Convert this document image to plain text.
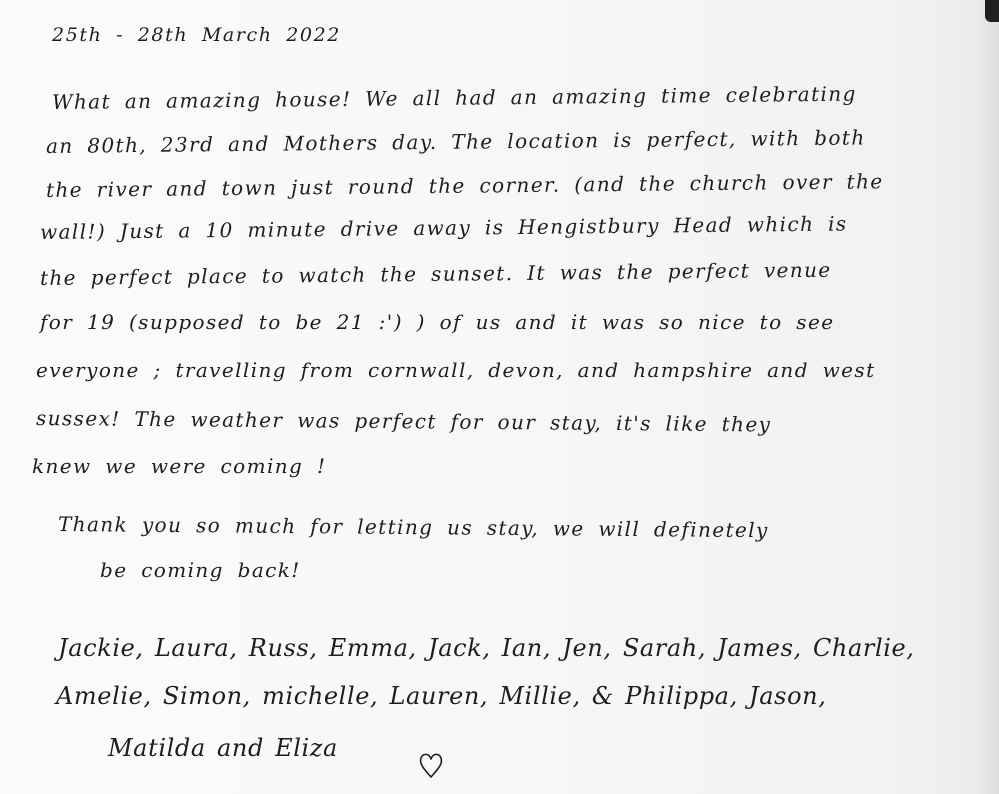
25th - 28th March 2022
What an amazing house! We all had an amazing time celebrating
an 80th, 23rd and Mothers day. The location is perfect, with both
the river and town just round the corner. (and the church over the
wall!) Just a 10 minute drive away is Hengistbury Head which is
the perfect place to watch the sunset. It was the perfect venue
for 19 (supposed to be 21 :') ) of us and it was so nice to see
everyone ; travelling from cornwall, devon, and hampshire and west
sussex! The weather was perfect for our stay, it's like they
knew we were coming !
Thank you so much for letting us stay, we will definetely
be coming back!
Jackie, Laura, Russ, Emma, Jack, Ian, Jen, Sarah, James, Charlie,
Amelie, Simon, michelle, Lauren, Millie, & Philippa, Jason,
Matilda and Eliza
